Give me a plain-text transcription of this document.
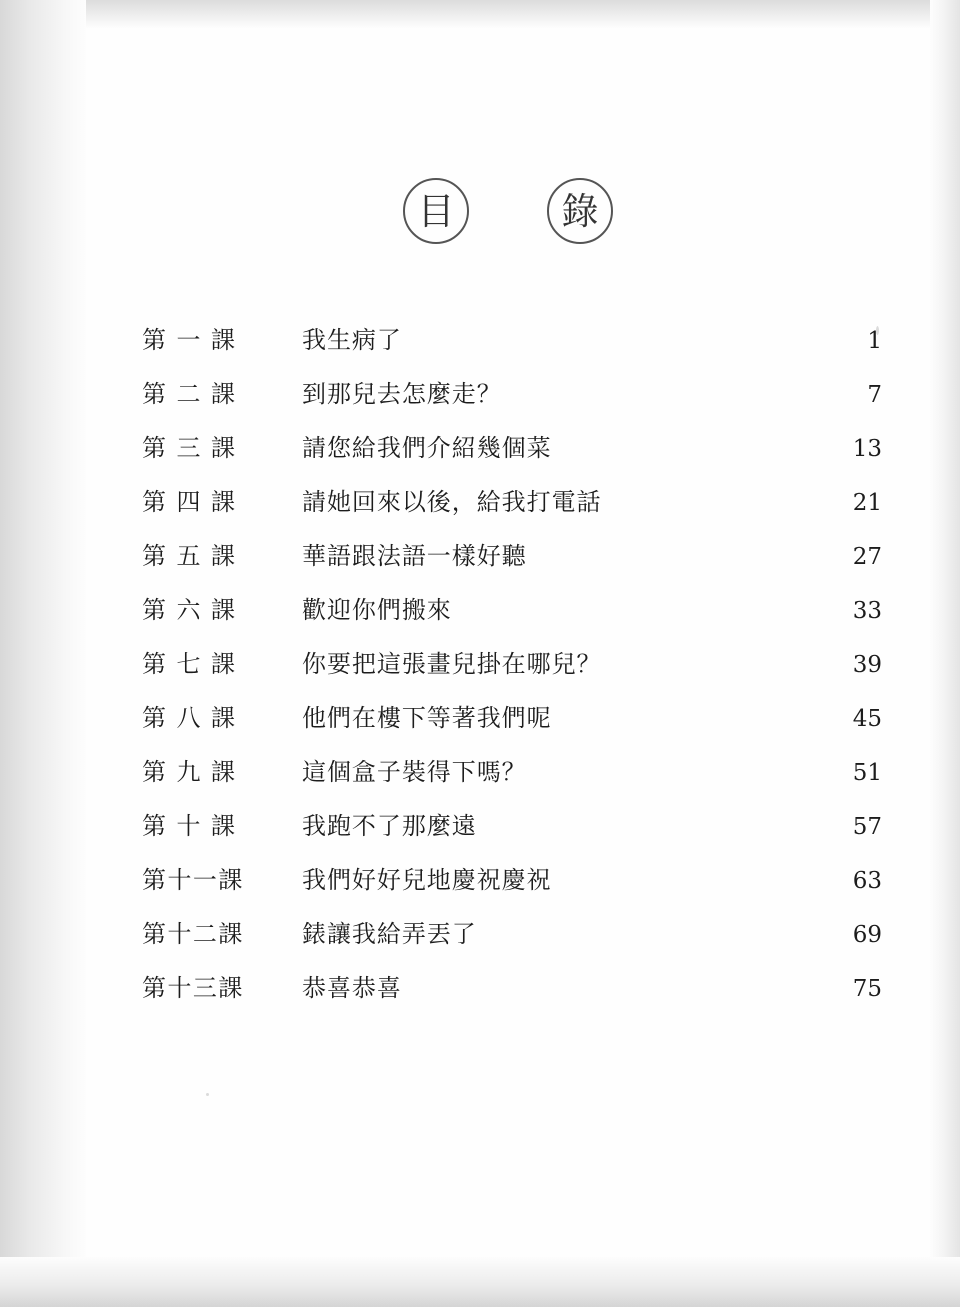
目	錄
第 一 課	我生病了	1
第 二 課	到那兒去怎麼走？	7
第 三 課	請您給我們介紹幾個菜	13
第 四 課	請她回來以後，給我打電話	21
第 五 課	華語跟法語一樣好聽	27
第 六 課	歡迎你們搬來	33
第 七 課	你要把這張畫兒掛在哪兒？	39
第 八 課	他們在樓下等著我們呢	45
第 九 課	這個盒子裝得下嗎？	51
第 十 課	我跑不了那麼遠	57
第十一課	我們好好兒地慶祝慶祝	63
第十二課	錶讓我給弄丟了	69
第十三課	恭喜恭喜	75
